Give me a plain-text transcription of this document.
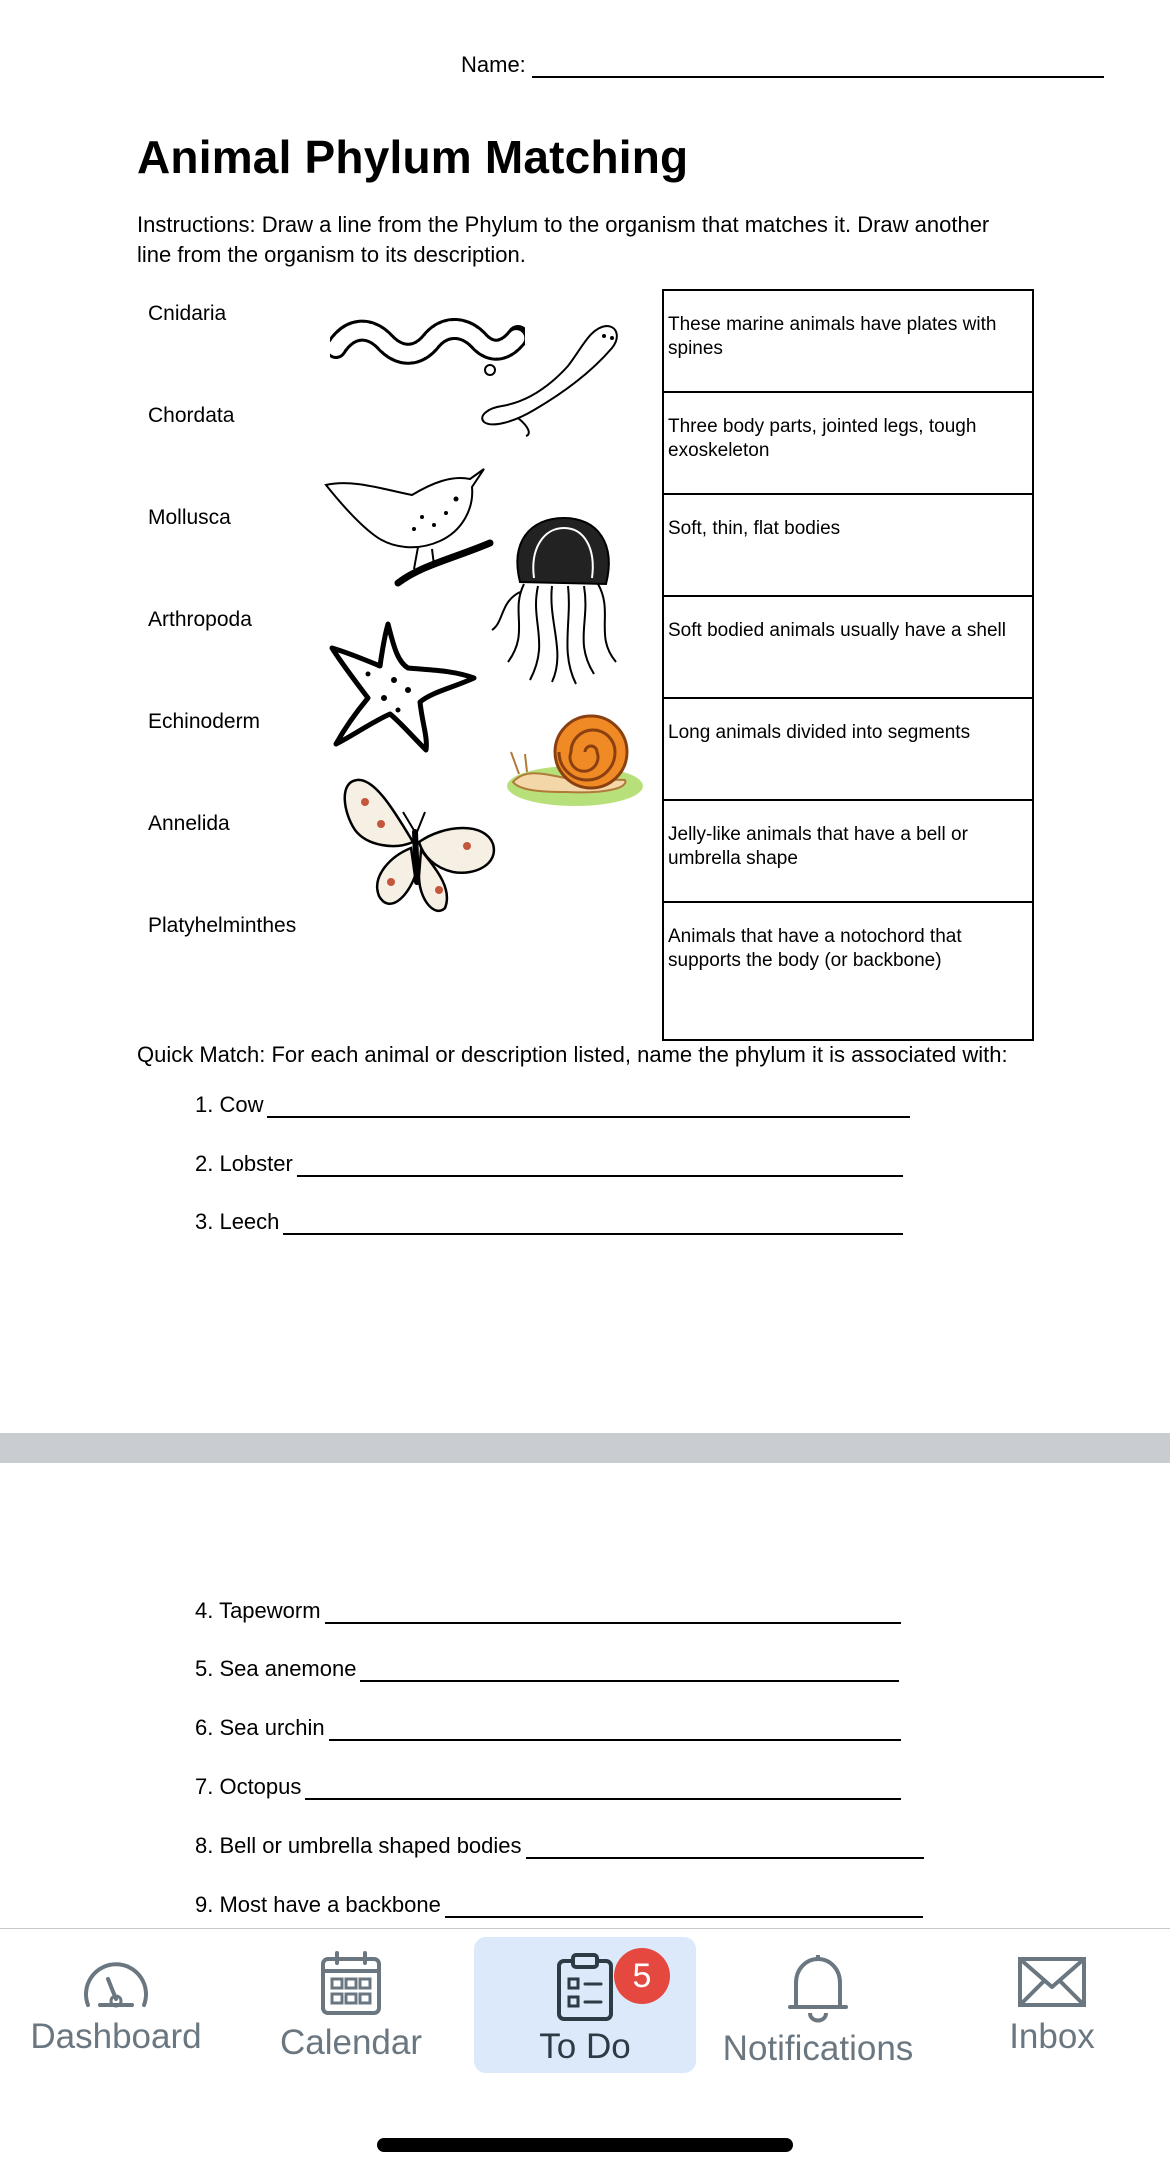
Name:
Animal Phylum Matching
Instructions: Draw a line from the Phylum to the organism that matches it. Draw another line from the organism to its description.
Cnidaria
Chordata
Mollusca
Arthropoda
Echinoderm
Annelida
Platyhelminthes
These marine animals have plates with spines
Three body parts, jointed legs, tough exoskeleton
Soft, thin, flat bodies
Soft bodied animals usually have a shell
Long animals divided into segments
Jelly-like animals that have a bell or umbrella shape
Animals that have a notochord that supports the body (or backbone)
Quick Match: For each animal or description listed, name the phylum it is associated with:
1. Cow
2. Lobster
3. Leech
4. Tapeworm
5. Sea anemone
6. Sea urchin
7. Octopus
8. Bell or umbrella shaped bodies
9. Most have a backbone
Dashboard Calendar	To Do
5
Notifications	Inbox
